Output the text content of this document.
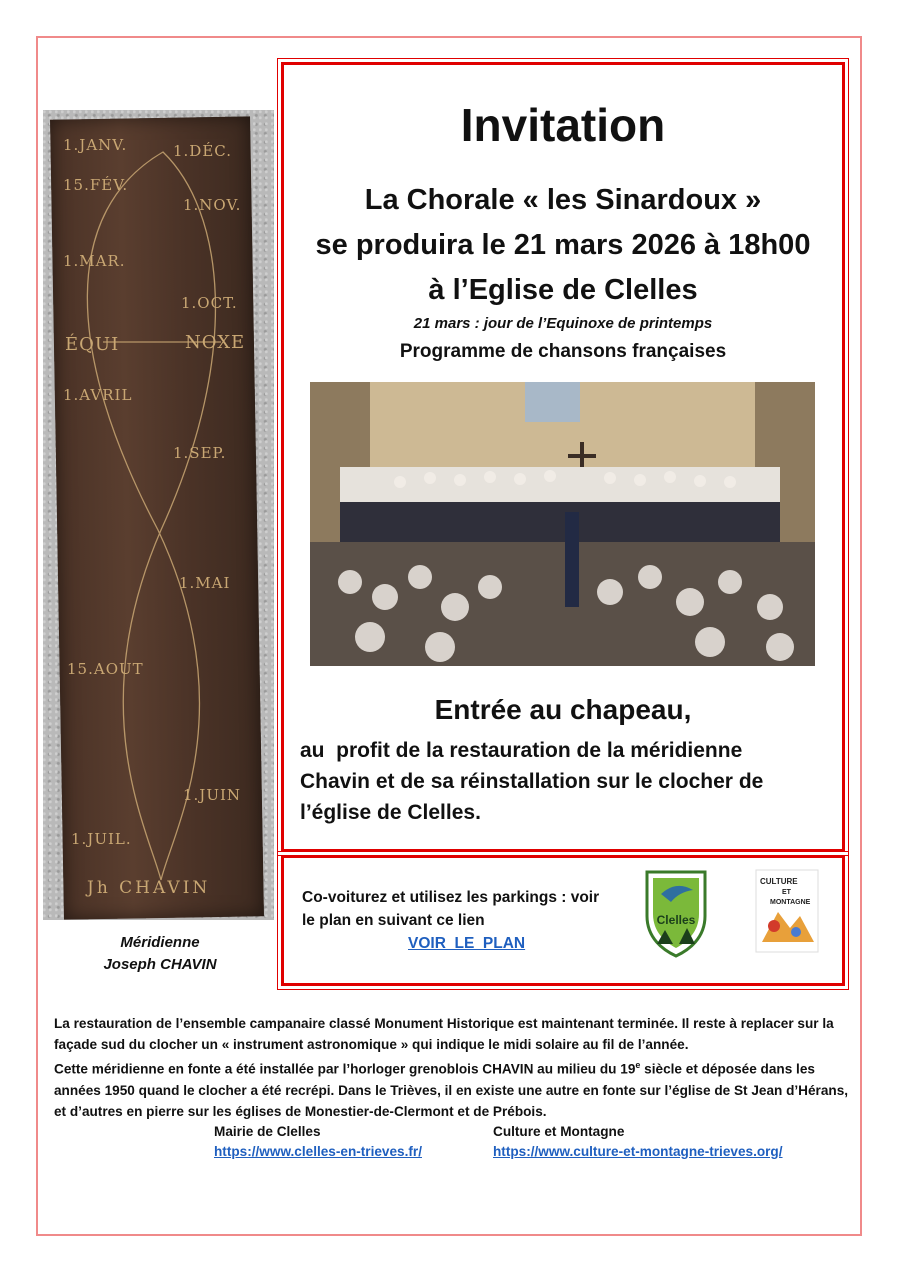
1.JANV.	1.DÉC.
15.FÉV.
1.NOV.
1.MAR.
1.OCT.
ÉQUI	NOXE
1.AVRIL
1.SEP.
1.MAI
15.AOUT
1.JUIN
1.JUIL.
Jh CHAVIN
Méridienne
Joseph CHAVIN
Invitation
La Chorale « les Sinardoux »
se produira le 21 mars 2026 à 18h00
à l’Eglise de Clelles
21 mars : jour de l’Equinoxe de printemps
Programme de chansons françaises
Entrée au chapeau,
au  profit de la restauration de la méridienne
Chavin et de sa réinstallation sur le clocher de
l’église de Clelles.
Co-voiturez et utilisez les parkings : voir
le plan en suivant ce lien
VOIR  LE  PLAN
Clelles
CULTURE
ET
MONTAGNE
La restauration de l’ensemble campanaire classé Monument Historique est maintenant terminée. Il reste à replacer sur la façade sud du clocher un « instrument astronomique » qui indique le midi solaire au fil de l’année.
Cette méridienne en fonte a été installée par l’horloger grenoblois CHAVIN au milieu du 19e siècle et déposée dans les années 1950 quand le clocher a été recrépi. Dans le Trièves, il en existe une autre en fonte sur l’église de St Jean d’Hérans, et d’autres en pierre sur les églises de Monestier-de-Clermont et de Prébois.
Mairie de Clelles
https://www.clelles-en-trieves.fr/
Culture et Montagne
https://www.culture-et-montagne-trieves.org/
